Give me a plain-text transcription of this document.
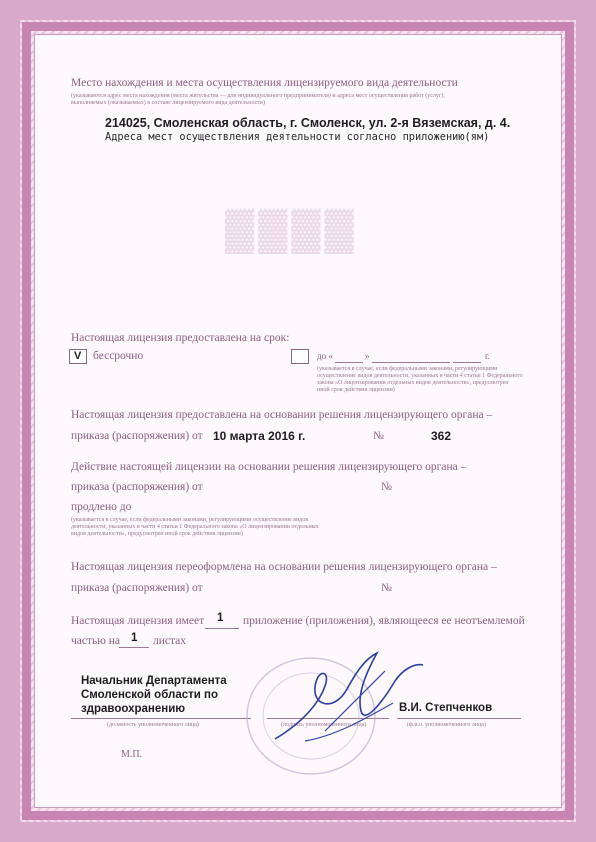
▓▓▓▓
Место нахождения и места осуществления лицензируемого вида деятельности
(указываются адрес места нахождения (места жительства — для индивидуального предпринимателя) и адреса мест осуществления работ (услуг),
выполняемых (оказываемых) в составе лицензируемого вида деятельности)
214025, Смоленская область, г. Смоленск, ул. 2-я Вяземская, д. 4.
Адреса мест осуществления деятельности согласно приложению(ям)
Настоящая лицензия предоставлена на срок:
V бессрочно	до «	»	г.
(указывается в случае, если федеральными законами, регулирующими
осуществление видов деятельности, указанных в части 4 статьи 1 Федерального
закона «О лицензировании отдельных видов деятельности», предусмотрен
иной срок действия лицензии)
Настоящая лицензия предоставлена на основании решения лицензирующего органа –
приказа (распоряжения) от 10 марта 2016 г.	№	362
Действие настоящей лицензии на основании решения лицензирующего органа –
приказа (распоряжения) от	№
продлено до
(указывается в случае, если федеральными законами, регулирующими осуществление видов
деятельности, указанных в части 4 статьи 1 Федерального закона «О лицензировании отдельных
видов деятельности», предусмотрен иной срок действия лицензии)
Настоящая лицензия переоформлена на основании решения лицензирующего органа –
приказа (распоряжения) от	№
Настоящая лицензия имеет 1 приложение (приложения), являющееся ее неотъемлемой
частью на 1 листах
Начальник Департамента
Смоленской области по
здравоохранению
(должность уполномоченного лица)	(подпись уполномоченного лица)
В.И. Степченков
(ф.и.о. уполномоченного лица)
М.П.
